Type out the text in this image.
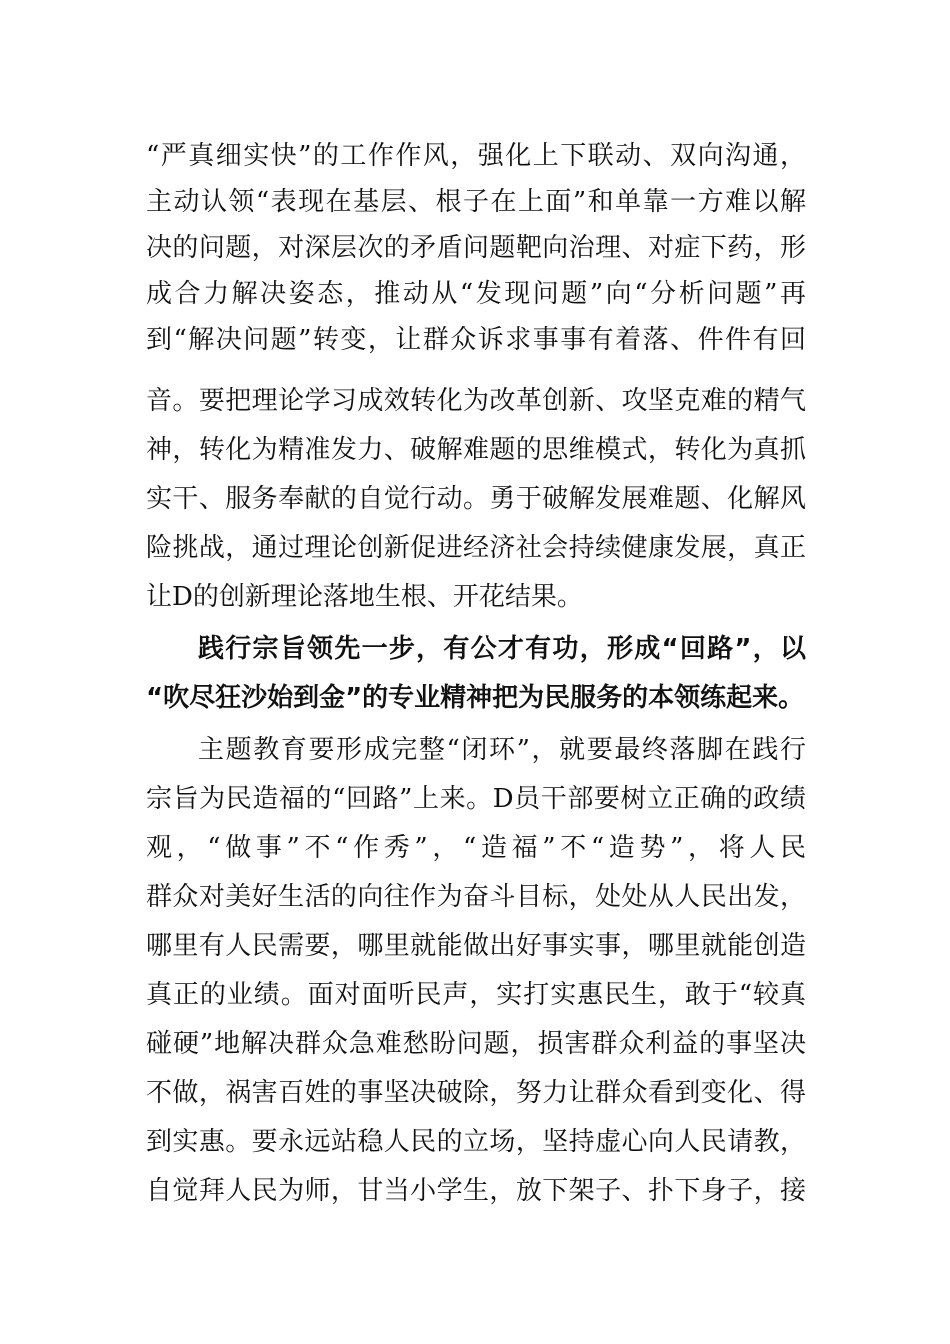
“严真细实快”的工作作风，强化上下联动、双向沟通，

主动认领“表现在基层、根子在上面”和单靠一方难以解

决的问题，对深层次的矛盾问题靶向治理、对症下药，形

成合力解决姿态，推动从“发现问题”向“分析问题”再

到“解决问题”转变，让群众诉求事事有着落、件件有回

音。要把理论学习成效转化为改革创新、攻坚克难的精气

神，转化为精准发力、破解难题的思维模式，转化为真抓

实干、服务奉献的自觉行动。勇于破解发展难题、化解风

险挑战，通过理论创新促进经济社会持续健康发展，真正

让D的创新理论落地生根、开花结果。

践行宗旨领先一步，有公才有功，形成“回路”，以

“吹尽狂沙始到金”的专业精神把为民服务的本领练起来。

主题教育要形成完整“闭环”，就要最终落脚在践行

宗旨为民造福的“回路”上来。D员干部要树立正确的政绩

观，“做事”不“作秀”，“造福”不“造势”，将人民

群众对美好生活的向往作为奋斗目标，处处从人民出发，

哪里有人民需要，哪里就能做出好事实事，哪里就能创造

真正的业绩。面对面听民声，实打实惠民生，敢于“较真

碰硬”地解决群众急难愁盼问题，损害群众利益的事坚决

不做，祸害百姓的事坚决破除，努力让群众看到变化、得

到实惠。要永远站稳人民的立场，坚持虚心向人民请教，

自觉拜人民为师，甘当小学生，放下架子、扑下身子，接
